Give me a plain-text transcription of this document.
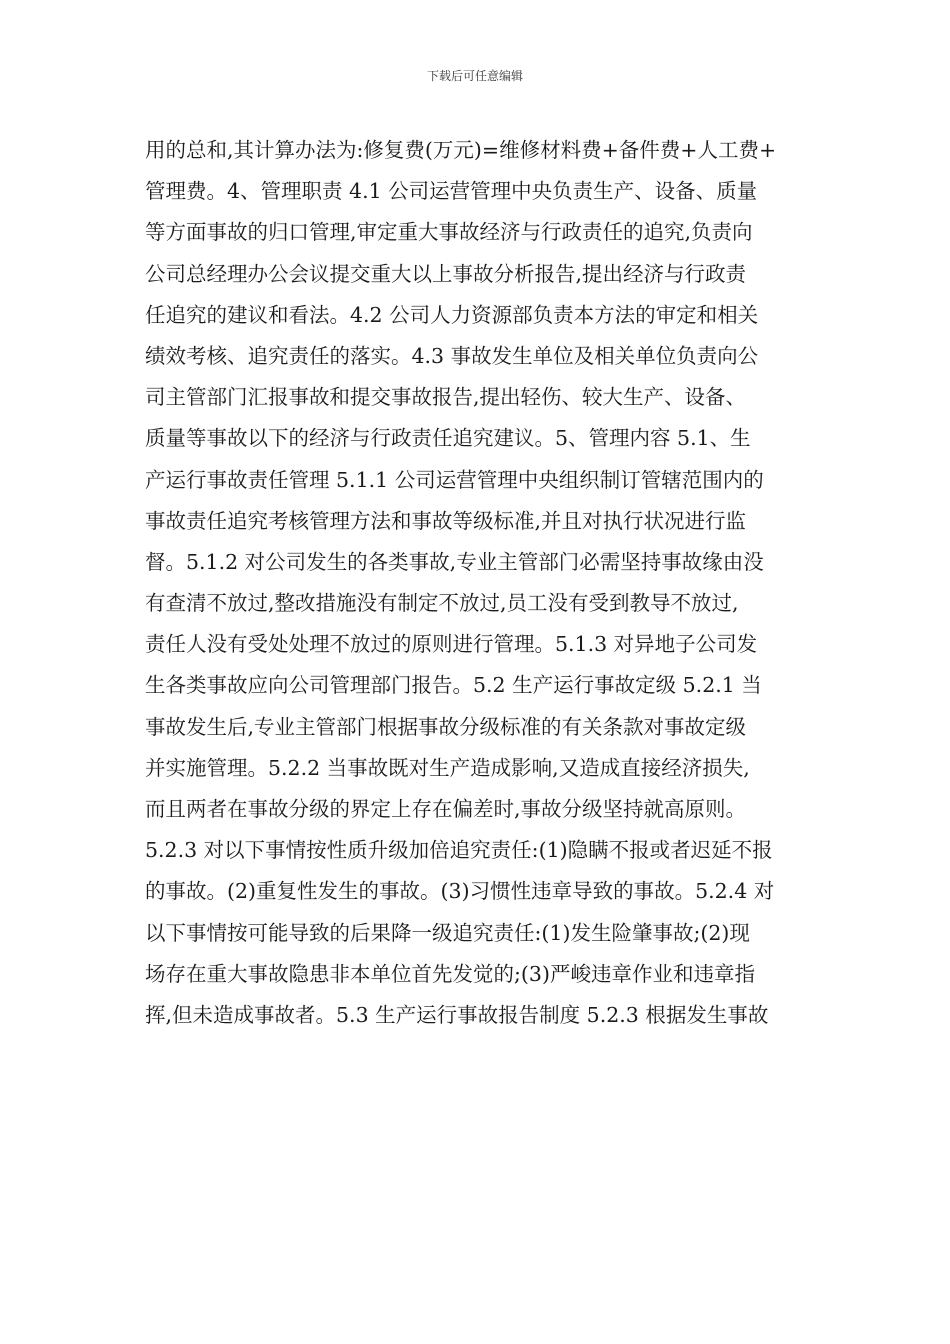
下载后可任意编辑
用的总和,其计算办法为:修复费(万元)=维修材料费+备件费+人工费+
管理费。4、管理职责 4.1 公司运营管理中央负责生产、设备、质量
等方面事故的归口管理,审定重大事故经济与行政责任的追究,负责向
公司总经理办公会议提交重大以上事故分析报告,提出经济与行政责
任追究的建议和看法。4.2 公司人力资源部负责本方法的审定和相关
绩效考核、追究责任的落实。4.3 事故发生单位及相关单位负责向公
司主管部门汇报事故和提交事故报告,提出轻伤、较大生产、设备、
质量等事故以下的经济与行政责任追究建议。5、管理内容 5.1、生
产运行事故责任管理 5.1.1 公司运营管理中央组织制订管辖范围内的
事故责任追究考核管理方法和事故等级标准,并且对执行状况进行监
督。5.1.2 对公司发生的各类事故,专业主管部门必需坚持事故缘由没
有查清不放过,整改措施没有制定不放过,员工没有受到教导不放过,
责任人没有受处处理不放过的原则进行管理。5.1.3 对异地子公司发
生各类事故应向公司管理部门报告。5.2 生产运行事故定级 5.2.1 当
事故发生后,专业主管部门根据事故分级标准的有关条款对事故定级
并实施管理。5.2.2 当事故既对生产造成影响,又造成直接经济损失,
而且两者在事故分级的界定上存在偏差时,事故分级坚持就高原则。
5.2.3 对以下事情按性质升级加倍追究责任:(1)隐瞒不报或者迟延不报
的事故。(2)重复性发生的事故。(3)习惯性违章导致的事故。5.2.4 对
以下事情按可能导致的后果降一级追究责任:(1)发生险肇事故;(2)现
场存在重大事故隐患非本单位首先发觉的;(3)严峻违章作业和违章指
挥,但未造成事故者。5.3 生产运行事故报告制度 5.2.3 根据发生事故
